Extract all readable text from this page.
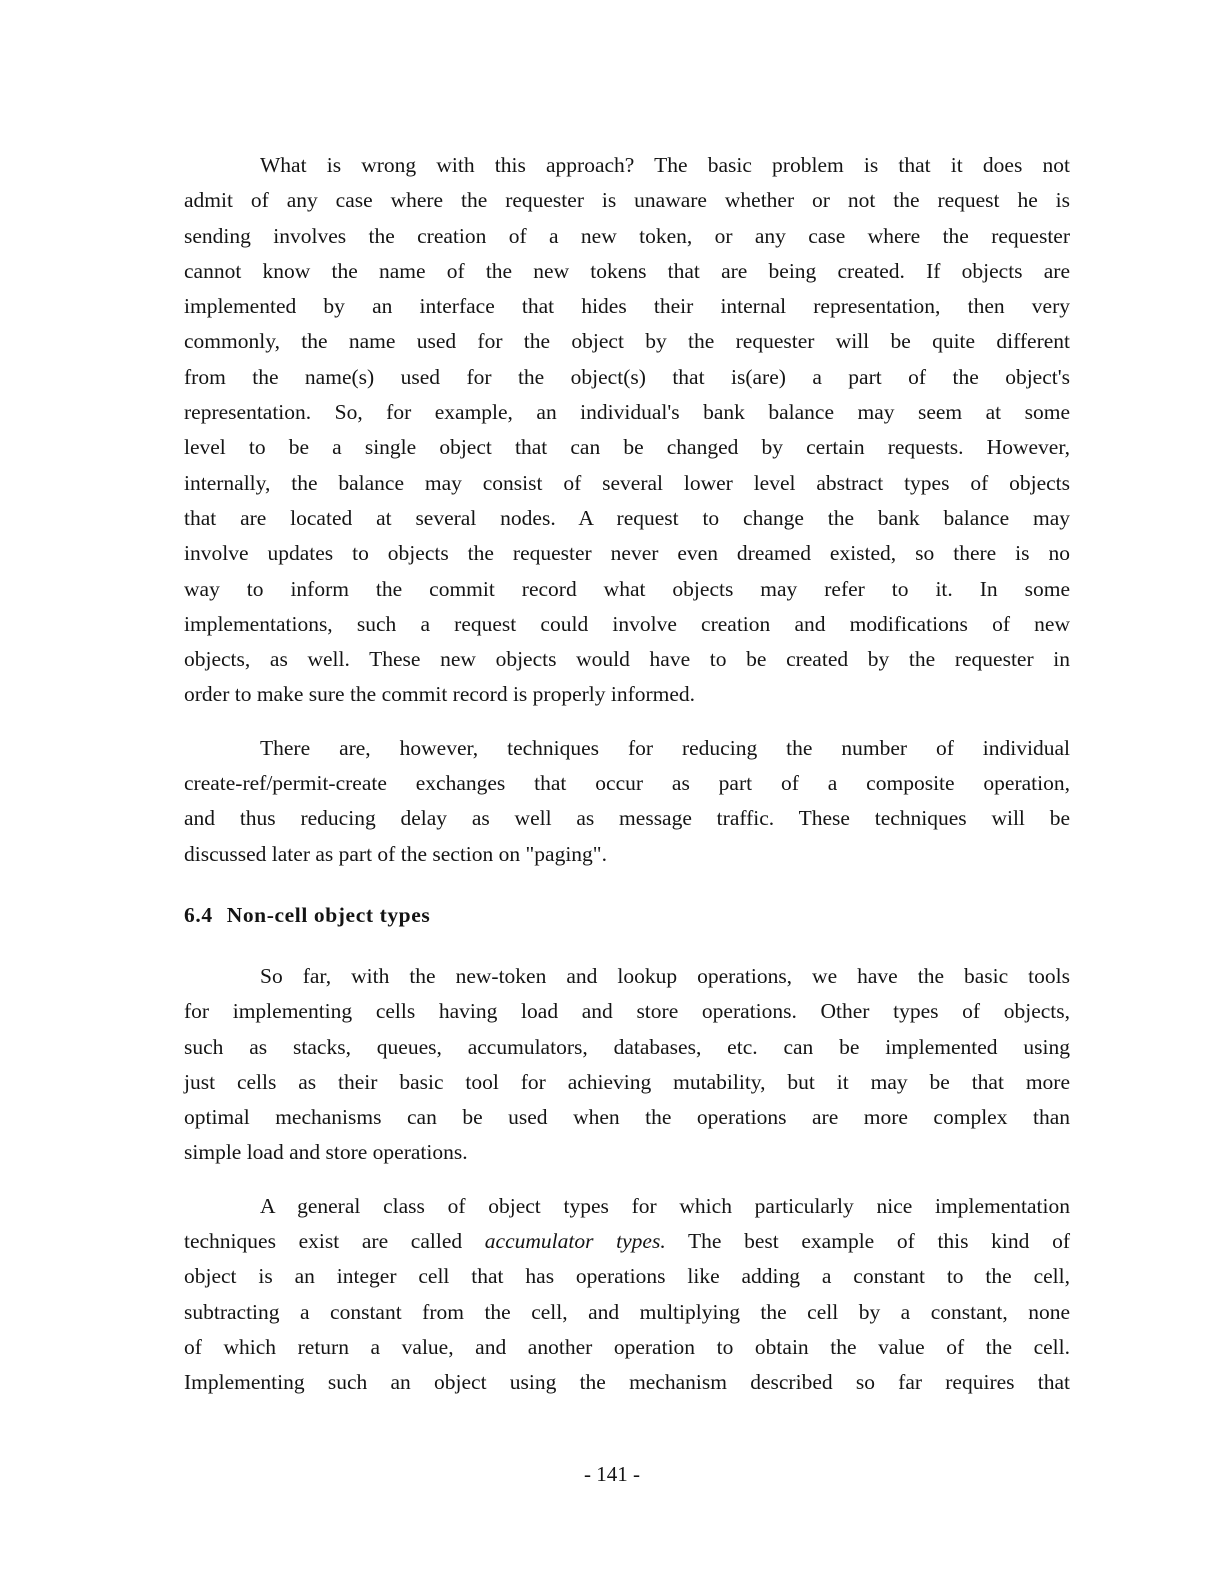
What is wrong with this approach? The basic problem is that it does not
admit of any case where the requester is unaware whether or not the request he is
sending involves the creation of a new token, or any case where the requester
cannot know the name of the new tokens that are being created. If objects are
implemented by an interface that hides their internal representation, then very
commonly, the name used for the object by the requester will be quite different
from the name(s) used for the object(s) that is(are) a part of the object's
representation. So, for example, an individual's bank balance may seem at some
level to be a single object that can be changed by certain requests. However,
internally, the balance may consist of several lower level abstract types of objects
that are located at several nodes. A request to change the bank balance may
involve updates to objects the requester never even dreamed existed, so there is no
way to inform the commit record what objects may refer to it. In some
implementations, such a request could involve creation and modifications of new
objects, as well. These new objects would have to be created by the requester in
order to make sure the commit record is properly informed.

There are, however, techniques for reducing the number of individual
create-ref/permit-create exchanges that occur as part of a composite operation,
and thus reducing delay as well as message traffic. These techniques will be
discussed later as part of the section on "paging".

6.4 Non-cell object types

So far, with the new-token and lookup operations, we have the basic tools
for implementing cells having load and store operations. Other types of objects,
such as stacks, queues, accumulators, databases, etc. can be implemented using
just cells as their basic tool for achieving mutability, but it may be that more
optimal mechanisms can be used when the operations are more complex than
simple load and store operations.

A general class of object types for which particularly nice implementation
techniques exist are called accumulator types. The best example of this kind of
object is an integer cell that has operations like adding a constant to the cell,
subtracting a constant from the cell, and multiplying the cell by a constant, none
of which return a value, and another operation to obtain the value of the cell.
Implementing such an object using the mechanism described so far requires that

- 141 -
